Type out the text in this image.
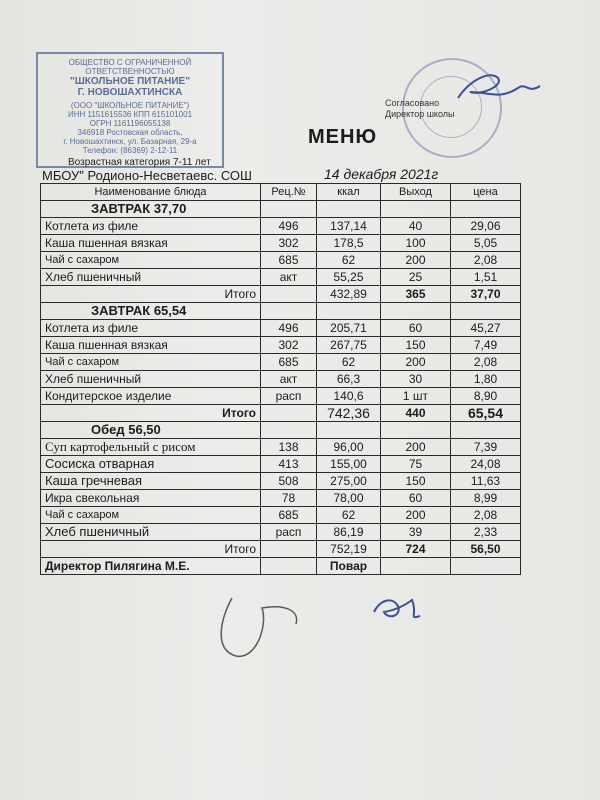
ОБЩЕСТВО С ОГРАНИЧЕННОЙ
ОТВЕТСТВЕННОСТЬЮ
"ШКОЛЬНОЕ ПИТАНИЕ"
Г. НОВОШАХТИНСКА
(ООО "ШКОЛЬНОЕ ПИТАНИЕ")
ИНН 1151615536 КПП 615101001
ОГРН 1161196055138
346918 Ростовская область,
г. Новошахтинск, ул. Базарная, 29-а
Телефон: (86369) 2-12-11
Возрастная категория 7-11 лет
Согласовано
Директор школы
МЕНЮ
МБОУ" Родионо-Несветаевс. СОШ	14 декабря 2021г
Наименование блюда	Рец.№	ккал	Выход	цена
ЗАВТРАК 37,70				
Котлета из филе	496	137,14	40	29,06
Каша пшенная вязкая	302	178,5	100	5,05
Чай с сахаром	685	62	200	2,08
Хлеб пшеничный	акт	55,25	25	1,51
Итого		432,89	365	37,70
ЗАВТРАК 65,54				
Котлета из филе	496	205,71	60	45,27
Каша пшенная вязкая	302	267,75	150	7,49
Чай с сахаром	685	62	200	2,08
Хлеб пшеничный	акт	66,3	30	1,80
Кондитерское изделие	расп	140,6	1 шт	8,90
Итого		742,36	440	65,54
Обед 56,50				
Суп картофельный с рисом	138	96,00	200	7,39
Сосиска отварная	413	155,00	75	24,08
Каша гречневая	508	275,00	150	11,63
Икра свекольная	78	78,00	60	8,99
Чай с сахаром	685	62	200	2,08
Хлеб пшеничный	расп	86,19	39	2,33
Итого		752,19	724	56,50
Директор Пилягина М.Е.		Повар		
